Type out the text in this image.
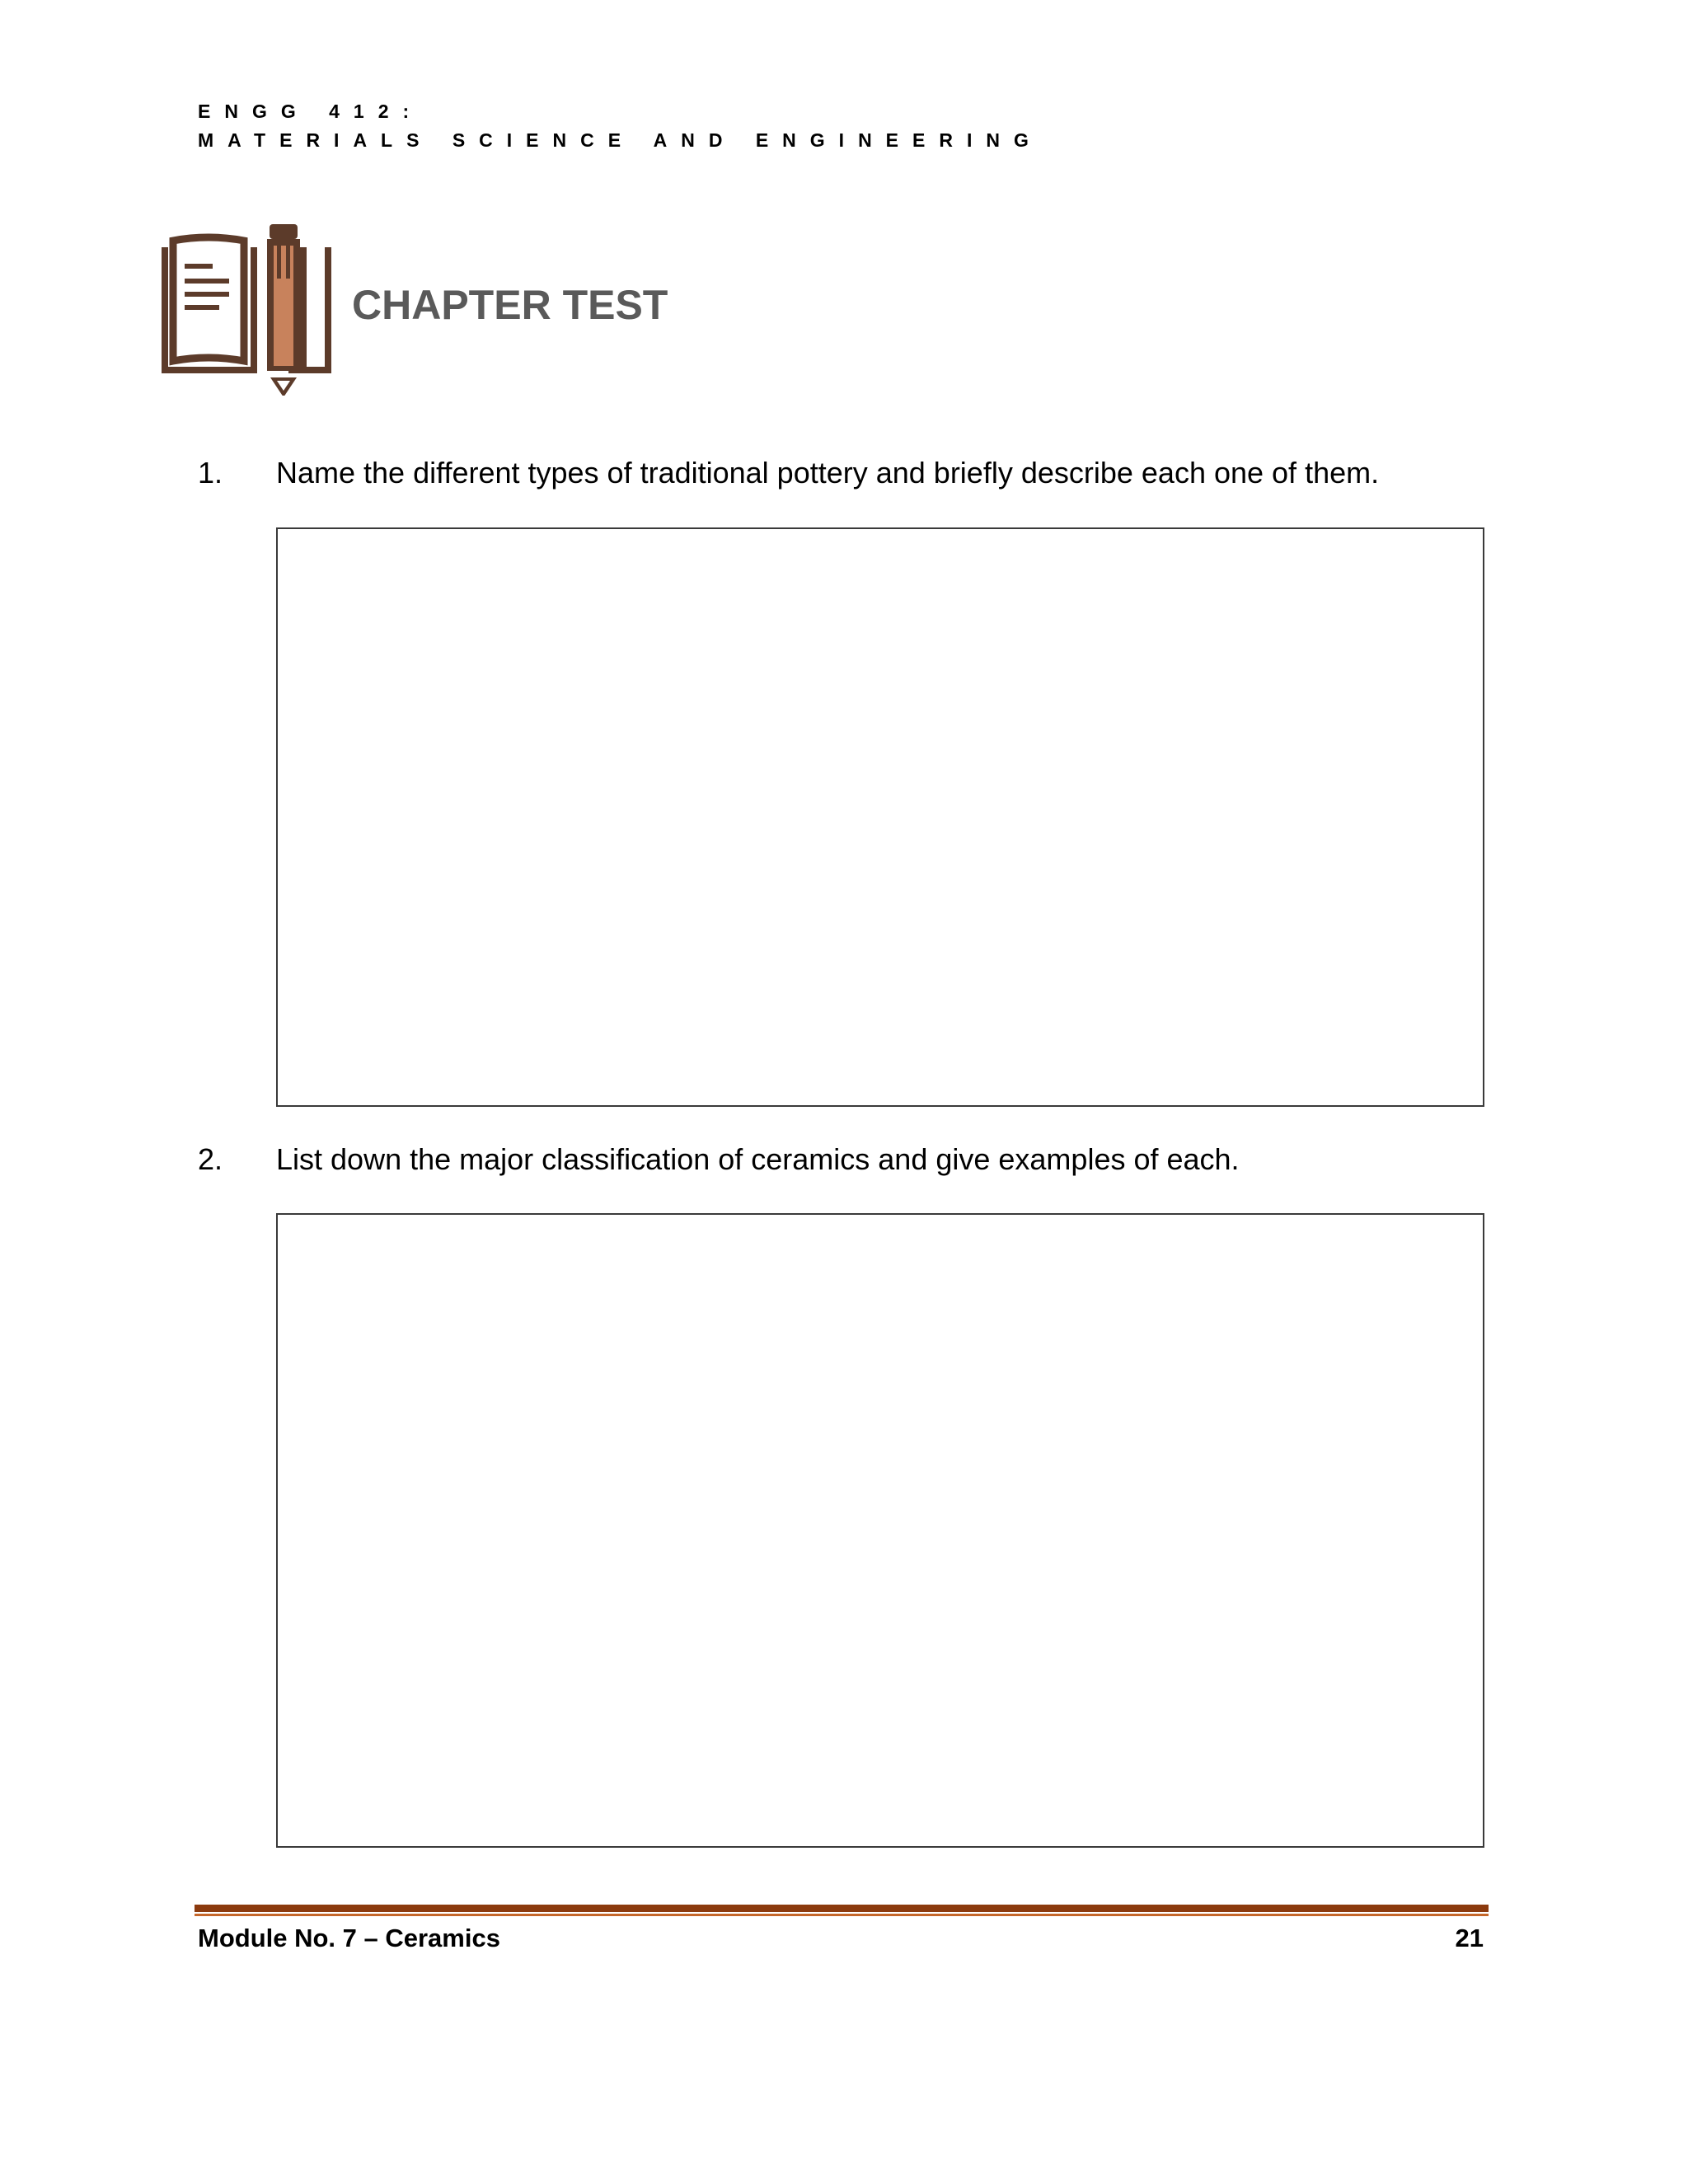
ENGG 412:
MATERIALS SCIENCE AND ENGINEERING
CHAPTER TEST
1. Name the different types of traditional pottery and briefly describe each one of them.
2. List down the major classification of ceramics and give examples of each.
Module No. 7 – Ceramics	21
